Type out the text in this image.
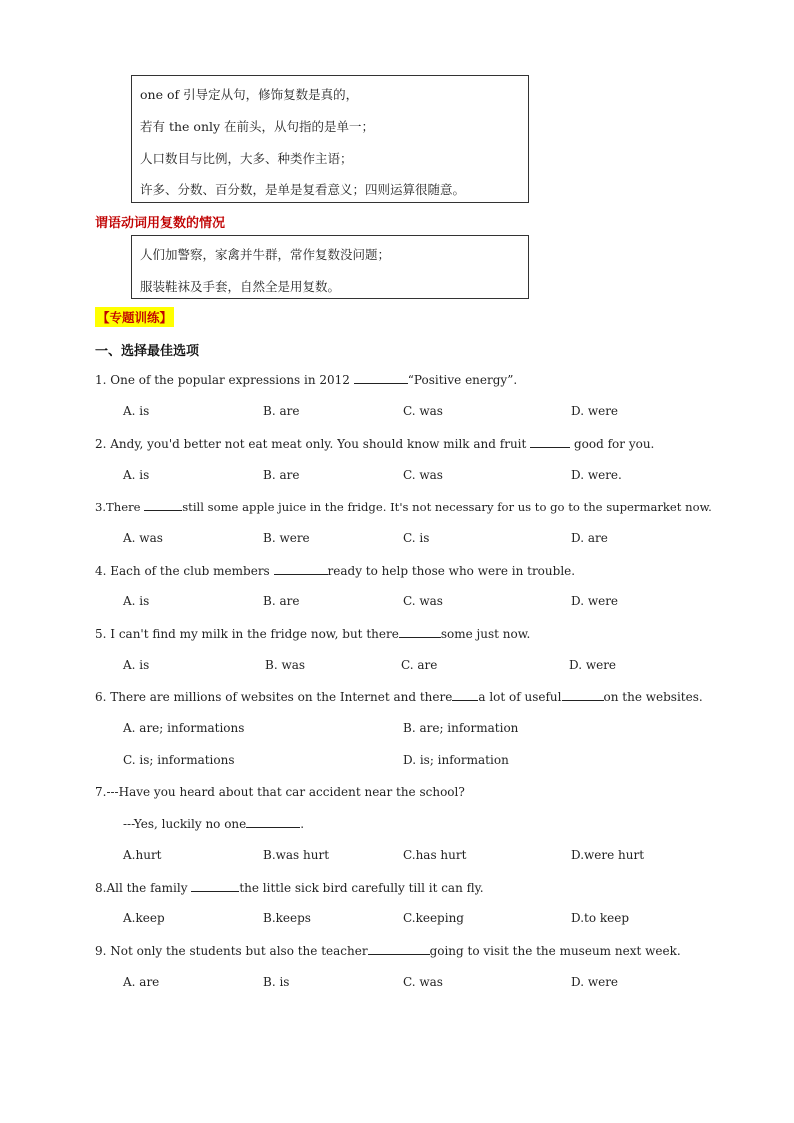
one of 引导定从句，修饰复数是真的，
若有 the only 在前头，从句指的是单一；
人口数目与比例，大多、种类作主语；
许多、分数、百分数，是单是复看意义；四则运算很随意。
谓语动词用复数的情况
人们加警察，家禽并牛群，常作复数没问题；
服装鞋袜及手套，自然全是用复数。
【专题训练】
一、选择最佳选项
1. One of the popular expressions in 2012	“Positive energy”.
A. is	B. are	C. was	D. were
2. Andy, you'd better not eat meat only. You should know milk and fruit	good for you.
A. is	B. are	C. was	D. were.
3.There	still some apple juice in the fridge. It's not necessary for us to go to the supermarket now.
A. was	B. were	C. is	D. are
4. Each of the club members	ready to help those who were in trouble.
A. is	B. are	C. was	D. were
5. I can't find my milk in the fridge now, but there	some just now.
A. is	B. was	C. are	D. were
6. There are millions of websites on the Internet and there a lot of useful	on the websites.
A. are; informations	B. are; information
C. is; informations	D. is; information
7.---Have you heard about that car accident near the school?
---Yes, luckily no one	.
A.hurt	B.was hurt	C.has hurt	D.were hurt
8.All the family	the little sick bird carefully till it can fly.
A.keep	B.keeps	C.keeping	D.to keep
9. Not only the students but also the teacher	going to visit the the museum next week.
A. are	B. is	C. was	D. were
